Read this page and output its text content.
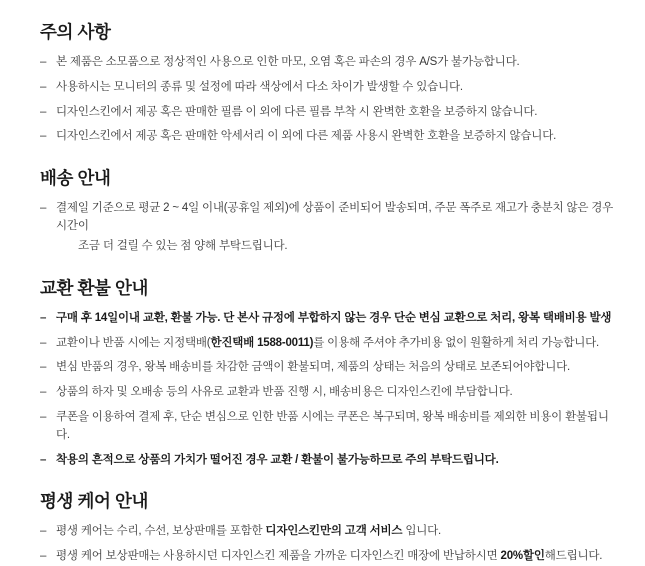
주의 사항
– 본 제품은 소모품으로 정상적인 사용으로 인한 마모, 오염 혹은 파손의 경우 A/S가 불가능합니다.
– 사용하시는 모니터의 종류 및 설정에 따라 색상에서 다소 차이가 발생할 수 있습니다.
– 디자인스킨에서 제공 혹은 판매한 필름 이 외에 다른 필름 부착 시 완벽한 호환을 보증하지 않습니다.
– 디자인스킨에서 제공 혹은 판매한 악세서리 이 외에 다른 제품 사용시 완벽한 호환을 보증하지 않습니다.
배송 안내
– 결제일 기준으로 평균 2 ~ 4일 이내(공휴일 제외)에 상품이 준비되어 발송되며, 주문 폭주로 재고가 충분치 않은 경우 시간이
조금 더 걸릴 수 있는 점 양해 부탁드립니다.
교환 환불 안내
– 구매 후 14일이내 교환, 환불 가능. 단 본사 규정에 부합하지 않는 경우 단순 변심 교환으로 처리, 왕복 택배비용 발생
– 교환이나 반품 시에는 지정택배(한진택배 1588-0011)를 이용해 주셔야 추가비용 없이 원활하게 처리 가능합니다.
– 변심 반품의 경우, 왕복 배송비를 차감한 금액이 환불되며, 제품의 상태는 처음의 상태로 보존되어야합니다.
– 상품의 하자 및 오배송 등의 사유로 교환과 반품 진행 시, 배송비용은 디자인스킨에 부담합니다.
– 쿠폰을 이용하여 결제 후, 단순 변심으로 인한 반품 시에는 쿠폰은 복구되며, 왕복 배송비를 제외한 비용이 환불됩니다.
– 착용의 흔적으로 상품의 가치가 떨어진 경우 교환 / 환불이 불가능하므로 주의 부탁드립니다.
평생 케어 안내
– 평생 케어는 수리, 수선, 보상판매를 포함한 디자인스킨만의 고객 서비스 입니다.
– 평생 케어 보상판매는 사용하시던 디자인스킨 제품을 가까운 디자인스킨 매장에 반납하시면 20%할인해드립니다.
